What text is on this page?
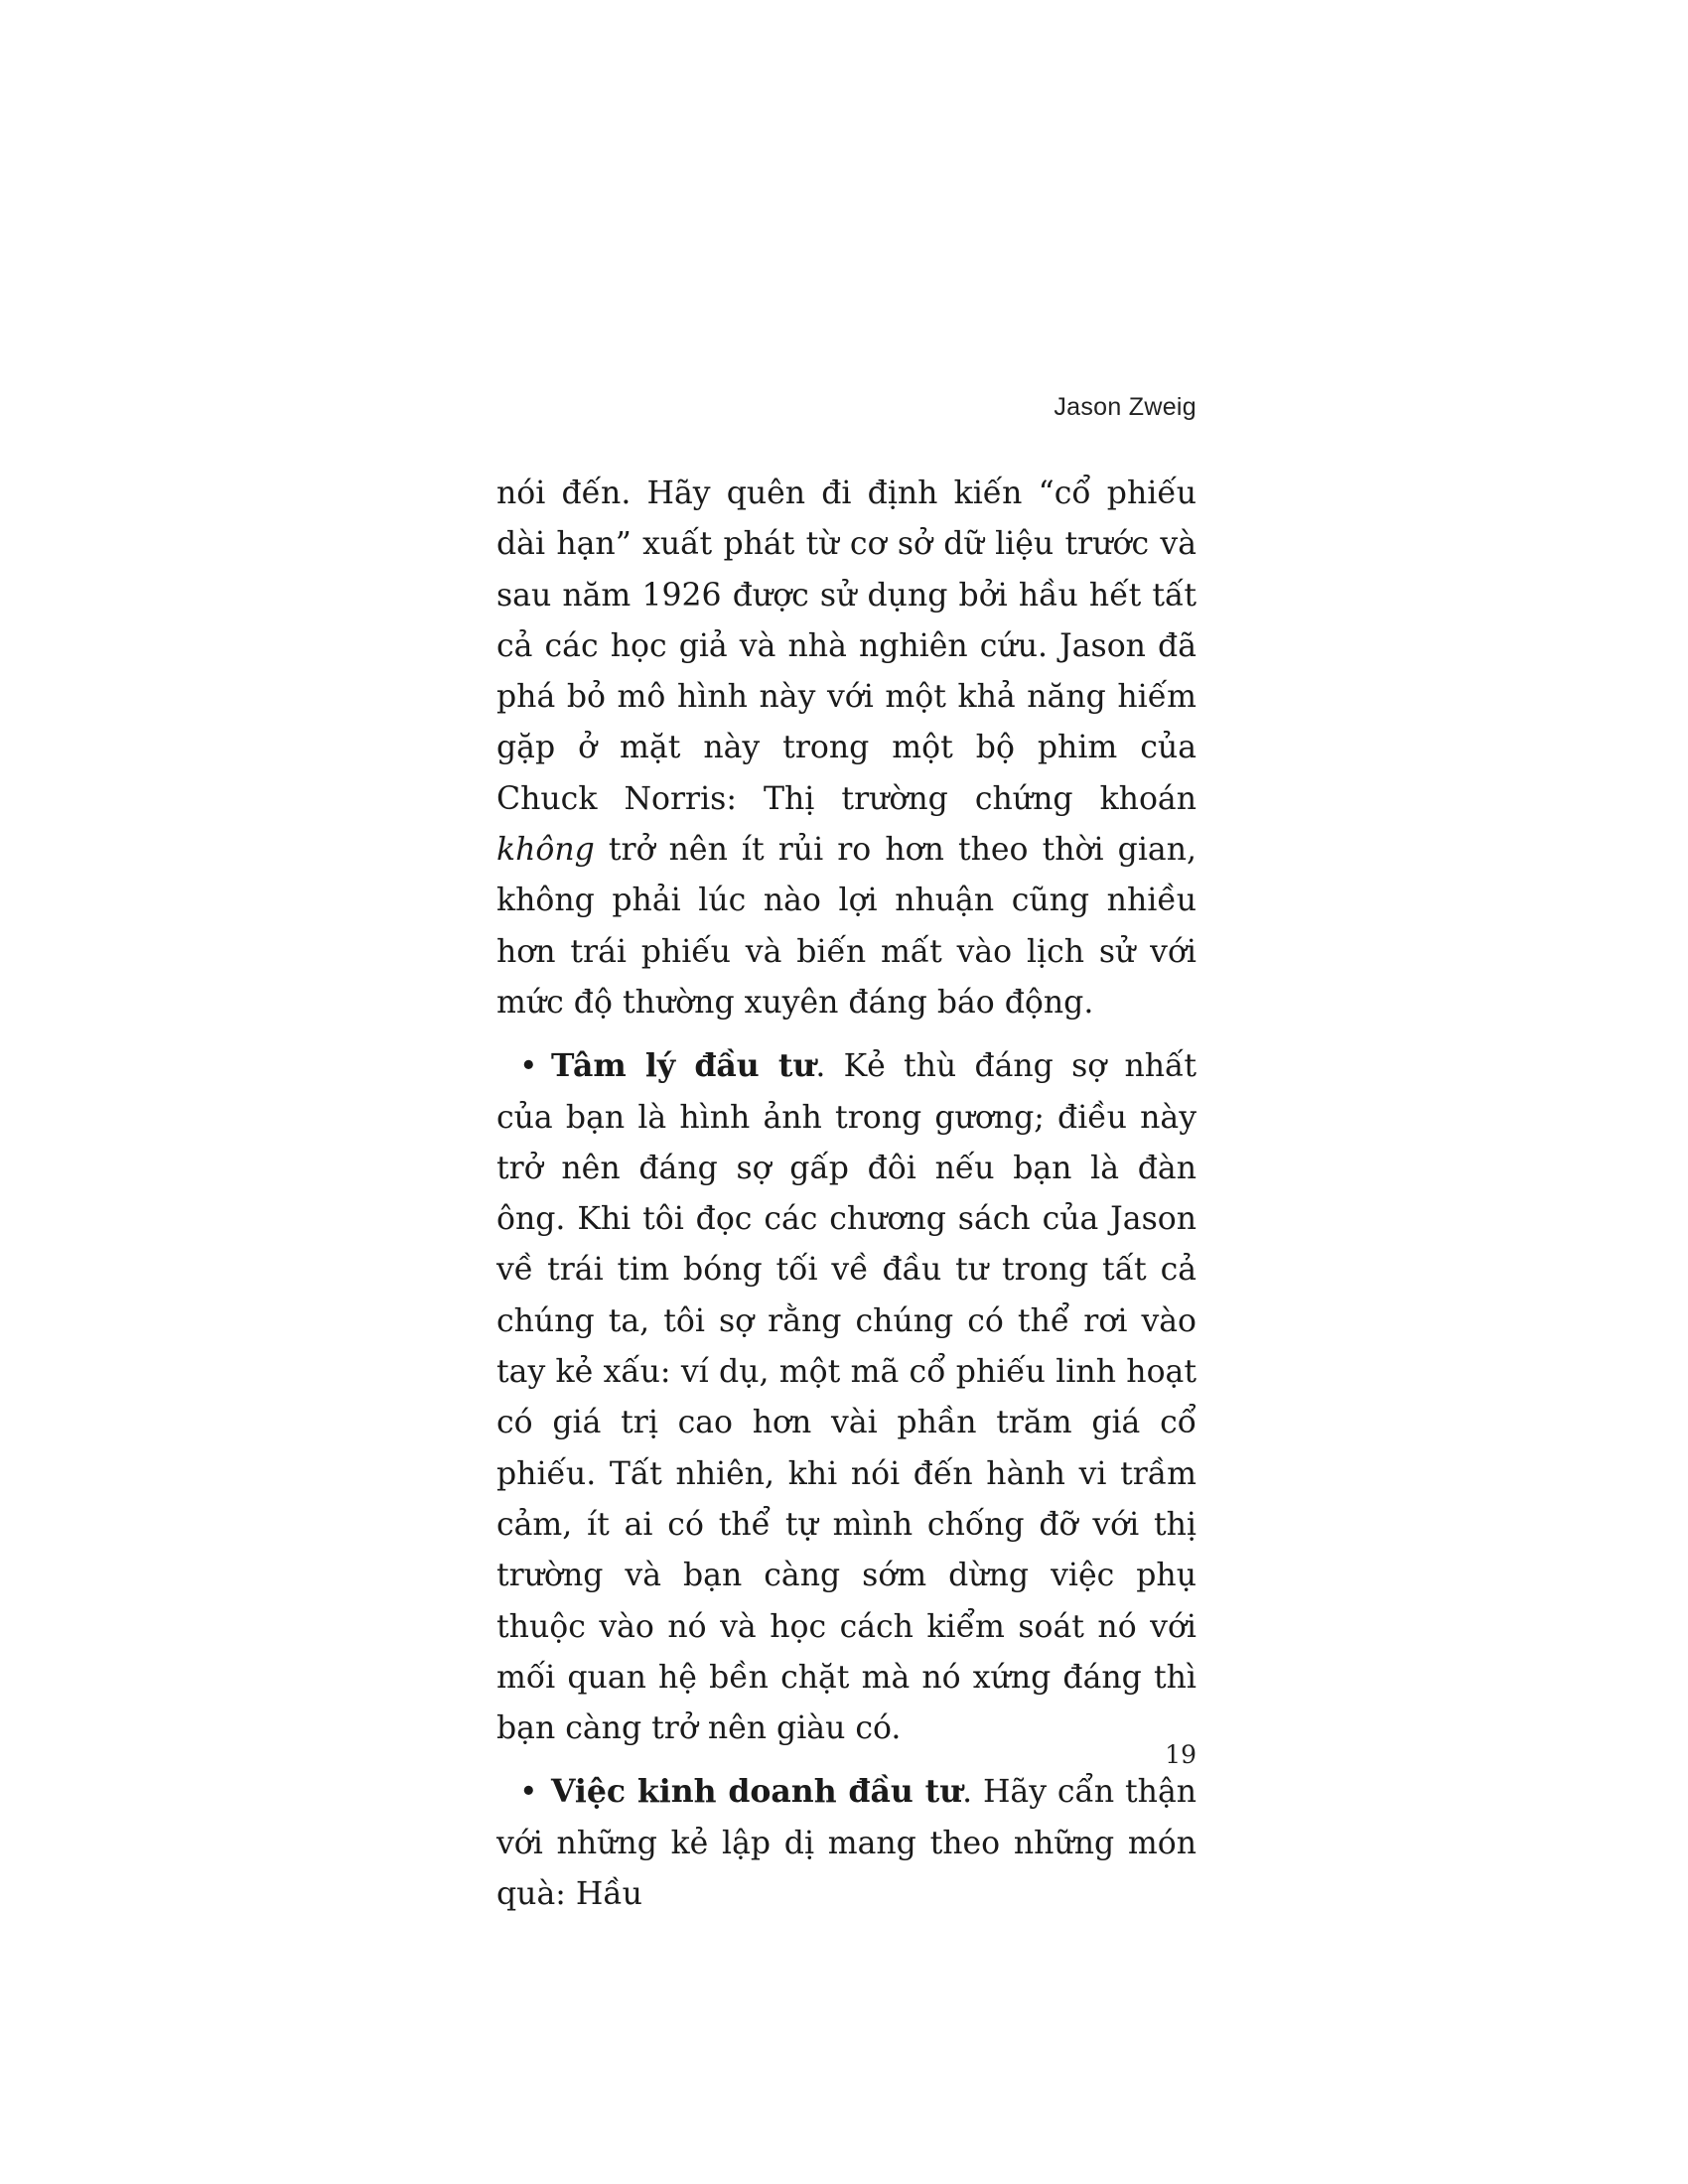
Jason Zweig

nói đến. Hãy quên đi định kiến “cổ phiếu dài hạn” xuất phát từ cơ sở dữ liệu trước và sau năm 1926 được sử dụng bởi hầu hết tất cả các học giả và nhà nghiên cứu. Jason đã phá bỏ mô hình này với một khả năng hiếm gặp ở mặt này trong một bộ phim của Chuck Norris: Thị trường chứng khoán không trở nên ít rủi ro hơn theo thời gian, không phải lúc nào lợi nhuận cũng nhiều hơn trái phiếu và biến mất vào lịch sử với mức độ thường xuyên đáng báo động.

• Tâm lý đầu tư. Kẻ thù đáng sợ nhất của bạn là hình ảnh trong gương; điều này trở nên đáng sợ gấp đôi nếu bạn là đàn ông. Khi tôi đọc các chương sách của Jason về trái tim bóng tối về đầu tư trong tất cả chúng ta, tôi sợ rằng chúng có thể rơi vào tay kẻ xấu: ví dụ, một mã cổ phiếu linh hoạt có giá trị cao hơn vài phần trăm giá cổ phiếu. Tất nhiên, khi nói đến hành vi trầm cảm, ít ai có thể tự mình chống đỡ với thị trường và bạn càng sớm dừng việc phụ thuộc vào nó và học cách kiểm soát nó với mối quan hệ bền chặt mà nó xứng đáng thì bạn càng trở nên giàu có.

• Việc kinh doanh đầu tư. Hãy cẩn thận với những kẻ lập dị mang theo những món quà: Hầu

19
